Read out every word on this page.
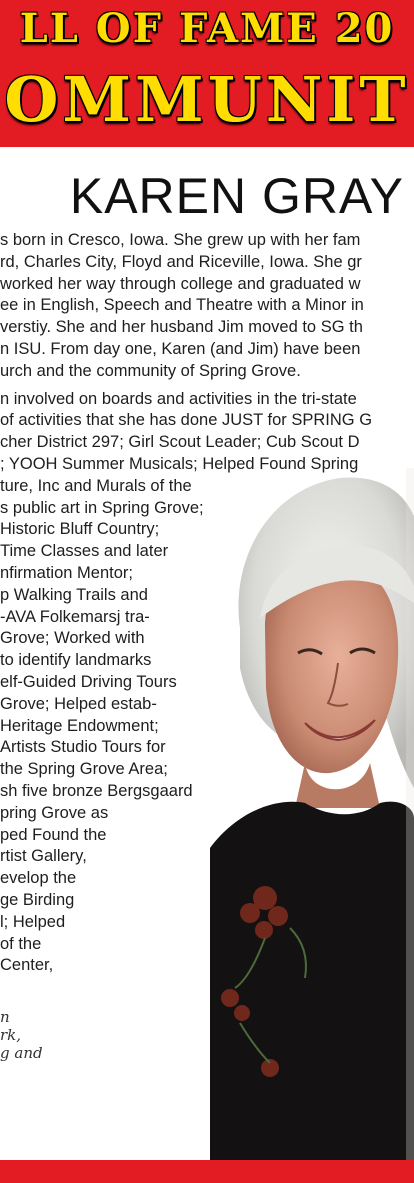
LL OF FAME 20
OMMUNIT
KAREN GRAY
s born in Cresco, Iowa. She grew up with her fam
rd, Charles City, Floyd and Riceville, Iowa. She gr
worked her way through college and graduated w
ee in English, Speech and Theatre with a Minor in
verstiy. She and her husband Jim moved to SG th
n ISU. From day one, Karen (and Jim) have been
urch and the community of Spring Grove.
n involved on boards and activities in the tri-state
of activities that she has done JUST for SPRING G
cher District 297; Girl Scout Leader; Cub Scout D
; YOOH Summer Musicals; Helped Found Spring
ture, Inc and Murals of the
s public art in Spring Grove;
Historic Bluff Country;
Time Classes and later
nfirmation Mentor;
p Walking Trails and
-AVA Folkemarsj tra-
Grove; Worked with
to identify landmarks
elf-Guided Driving Tours
Grove; Helped estab-
Heritage Endowment;
Artists Studio Tours for
the Spring Grove Area;
sh five bronze Bergsgaard
pring Grove as
ped Found the
rtist Gallery,
evelop the
ge Birding
l; Helped
of the
Center,
n
rk,
g and
